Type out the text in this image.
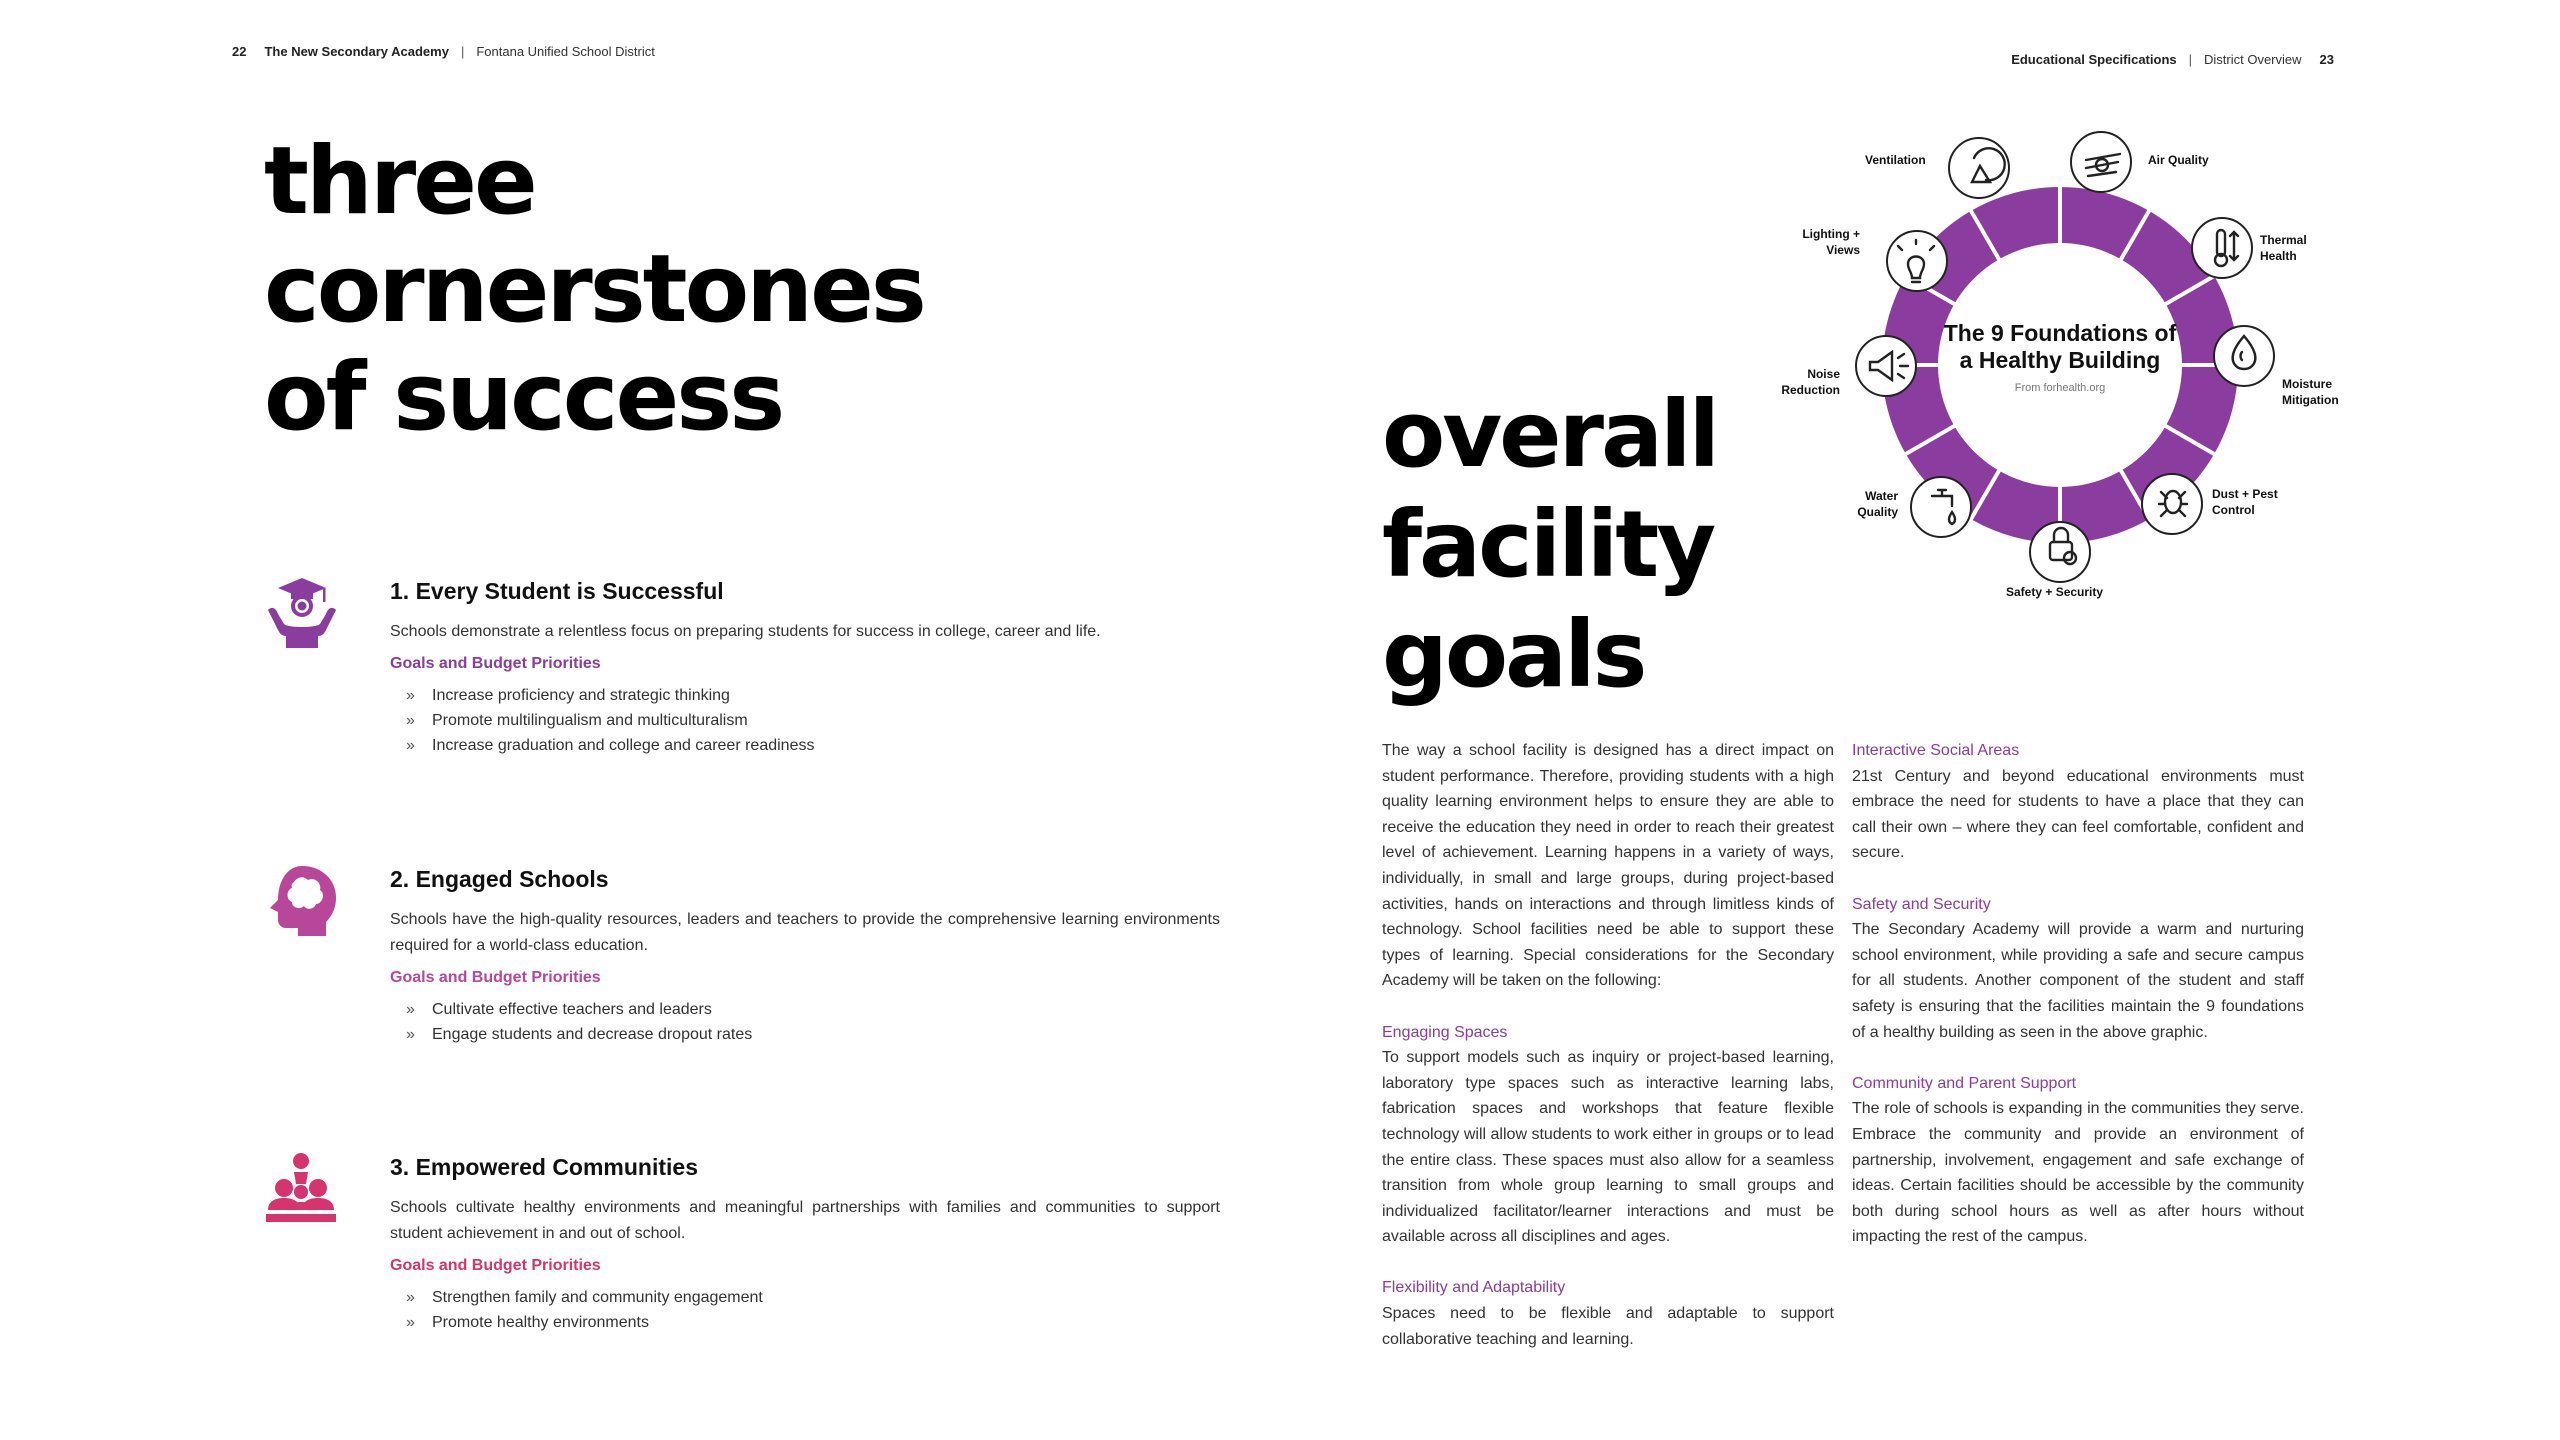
22 The New Secondary Academy | Fontana Unified School District
three
cornerstones
of success
1. Every Student is Successful

Schools demonstrate a relentless focus on preparing students for success in college, career and life.

Goals and Budget Priorities
» Increase proficiency and strategic thinking
» Promote multilingualism and multiculturalism
» Increase graduation and college and career readiness
2. Engaged Schools

Schools have the high-quality resources, leaders and teachers to provide the comprehensive learning environments required for a world-class education.

Goals and Budget Priorities
» Cultivate effective teachers and leaders
» Engage students and decrease dropout rates
3. Empowered Communities

Schools cultivate healthy environments and meaningful partnerships with families and communities to support student achievement in and out of school.

Goals and Budget Priorities
» Strengthen family and community engagement
» Promote healthy environments
Educational Specifications | District Overview 23
overall
facility
goals
The 9 Foundations of
a Healthy Building
From forhealth.org
Ventilation	Air Quality
Thermal
Health
Moisture
Mitigation
Dust + Pest
Control
Safety + Security
Water
Quality
Noise
Reduction
Lighting +
Views

The way a school facility is designed has a direct impact on student performance. Therefore, providing students with a high quality learning environment helps to ensure they are able to receive the education they need in order to reach their greatest level of achievement. Learning happens in a variety of ways, individually, in small and large groups, during project-based activities, hands on interactions and through limitless kinds of technology. School facilities need be able to support these types of learning. Special considerations for the Secondary Academy will be taken on the following:

Engaging Spaces

To support models such as inquiry or project-based learning, laboratory type spaces such as interactive learning labs, fabrication spaces and workshops that feature flexible technology will allow students to work either in groups or to lead the entire class. These spaces must also allow for a seamless transition from whole group learning to small groups and individualized facilitator/learner interactions and must be available across all disciplines and ages.

Flexibility and Adaptability

Spaces need to be flexible and adaptable to support collaborative teaching and learning.

Interactive Social Areas

21st Century and beyond educational environments must embrace the need for students to have a place that they can call their own – where they can feel comfortable, confident and secure.

Safety and Security

The Secondary Academy will provide a warm and nurturing school environment, while providing a safe and secure campus for all students. Another component of the student and staff safety is ensuring that the facilities maintain the 9 foundations of a healthy building as seen in the above graphic.

Community and Parent Support

The role of schools is expanding in the communities they serve. Embrace the community and provide an environment of partnership, involvement, engagement and safe exchange of ideas. Certain facilities should be accessible by the community both during school hours as well as after hours without impacting the rest of the campus.
